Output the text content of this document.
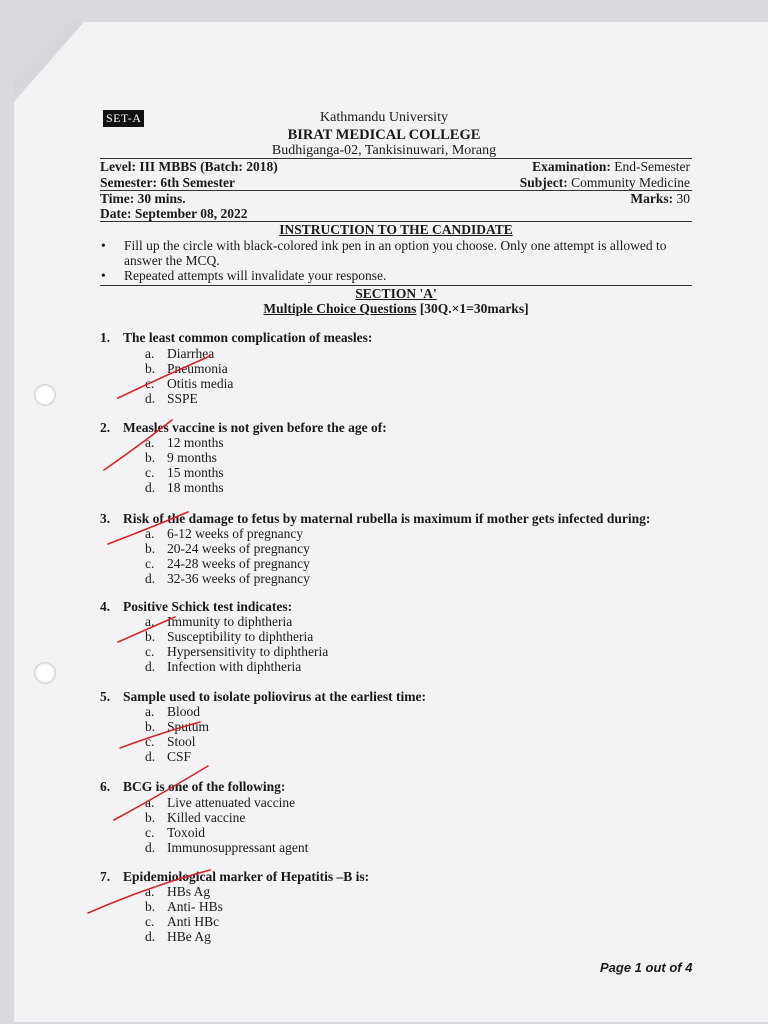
SET-A	Kathmandu University
BIRAT MEDICAL COLLEGE
Budhiganga-02, Tankisinuwari, Morang
Level: III MBBS (Batch: 2018)	Examination: End-Semester
Semester: 6th Semester	Subject: Community Medicine
Time: 30 mins.	Marks: 30
Date: September 08, 2022
INSTRUCTION TO THE CANDIDATE
• Fill up the circle with black-colored ink pen in an option you choose. Only one attempt is allowed to answer the MCQ.
• Repeated attempts will invalidate your response.
SECTION 'A'
Multiple Choice Questions [30Q.×1=30marks]
1. The least common complication of measles:
a. Diarrhea
b. Pneumonia
c. Otitis media
d. SSPE
2. Measles vaccine is not given before the age of:
a. 12 months
b. 9 months
c. 15 months
d. 18 months
3. Risk of the damage to fetus by maternal rubella is maximum if mother gets infected during:
a. 6-12 weeks of pregnancy
b. 20-24 weeks of pregnancy
c. 24-28 weeks of pregnancy
d. 32-36 weeks of pregnancy
4. Positive Schick test indicates:
a. Immunity to diphtheria
b. Susceptibility to diphtheria
c. Hypersensitivity to diphtheria
d. Infection with diphtheria
5. Sample used to isolate poliovirus at the earliest time:
a. Blood
b. Sputum
c. Stool
d. CSF
6. BCG is one of the following:
a. Live attenuated vaccine
b. Killed vaccine
c. Toxoid
d. Immunosuppressant agent
7. Epidemiological marker of Hepatitis –B is:
a. HBs Ag
b. Anti- HBs
c. Anti HBc
d. HBe Ag
Page 1 out of 4
